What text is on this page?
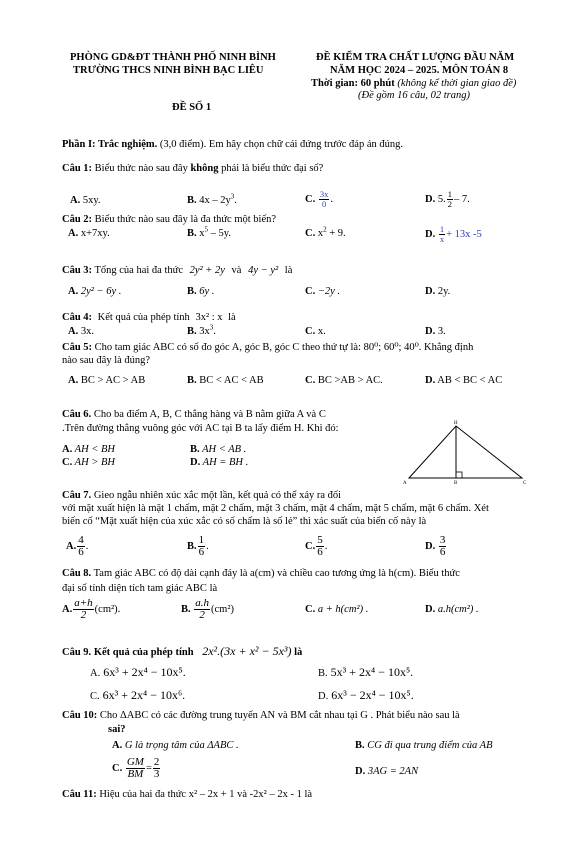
PHÒNG GD&ĐT THÀNH PHỐ NINH BÌNH
TRƯỜNG THCS NINH BÌNH BẠC LIÊU
ĐỀ KIỂM TRA CHẤT LƯỢNG ĐẦU NĂM
NĂM HỌC 2024 – 2025. MÔN TOÁN 8
Thời gian: 60 phút (không kể thời gian giao đề)
(Đề gồm 16 câu, 02 trang)
ĐỀ SỐ 1
Phần I: Trắc nghiệm. (3,0 điểm). Em hãy chọn chữ cái đứng trước đáp án đúng.
Câu 1: Biểu thức nào sau đây không phải là biểu thức đại số?
A. 5xy.	B. $4x - 2y^3$.	C. $\frac{3x}{0}$ .	D. 5. $\frac{1}{2} - 7$.
Câu 2: Biểu thức nào sau đây là đa thức một biến?
A. x+7xy.	B. $x^5 - 5y$.	C. $x^2 + 9$.	D. $\frac{1}{x} + 13x$ -5
Câu 3: Tổng của hai đa thức 2y² + 2y và 4y − y² là
A. 2y² − 6y .	B. 6y .	C. −2y .	D. 2y.
Câu 4: Kết quả của phép tính 3x² : x là
A. 3x.	B. $3x^3$.	C. x.	D. 3.
Câu 5: Cho tam giác ABC có số đo góc A, góc B, góc C theo thứ tự là: 80⁰; 60⁰; 40⁰. Khẳng định
nào sau đây là đúng?
A. BC > AC > AB	B. BC < AC < AB	C. BC >AB > AC.	D. AB < BC < AC
Câu 6. Cho ba điểm A, B, C thẳng hàng và B nằm giữa A và C
.Trên đường thẳng vuông góc với AC tại B ta lấy điểm H. Khi đó:
A. AH < BH	B. AH < AB .
C. AH > BH	D. AH = BH .
H
A	B	C
Câu 7. Gieo ngẫu nhiên xúc xắc một lần, kết quả có thể xảy ra đối
với mặt xuất hiện là mặt 1 chấm, mặt 2 chấm, mặt 3 chấm, mặt 4 chấm, mặt 5 chấm, mặt 6 chấm. Xét
biến cố “Mặt xuất hiện của xúc xắc có số chấm là số lẻ” thì xác suất của biến cố này là
A. $\frac{4}{6}$ .	B. $\frac{1}{6}$ .	C. $\frac{5}{6}$ .	D. $\frac{3}{6}$
Câu 8. Tam giác ABC có độ dài cạnh đáy là a(cm) và chiều cao tương ứng là h(cm). Biểu thức
đại số tính diện tích tam giác ABC là
A. $\frac{a+h}{2} (cm^2)$.	B. $\frac{a.h}{2} (cm^2)$	C. a + h(cm²) .	D. a.h(cm²) .
Câu 9. Kết quả của phép tính 2x².(3x + x² − 5x³) là
A. 6x³ + 2x⁴ − 10x⁵.	B. 5x³ + 2x⁴ − 10x⁵.
C. 6x³ + 2x⁴ − 10x⁶.	D. 6x³ − 2x⁴ − 10x⁵.
Câu 10: Cho ΔABC có các đường trung tuyến AN và BM cắt nhau tại G . Phát biểu nào sau là
sai?
A. G là trọng tâm của ΔABC .	B. CG đi qua trung điểm của AB
C. $\frac{GM}{BM} = \frac{2}{3}$	D. 3AG = 2AN
Câu 11: Hiệu của hai đa thức x² – 2x + 1 và -2x² – 2x - 1 là
